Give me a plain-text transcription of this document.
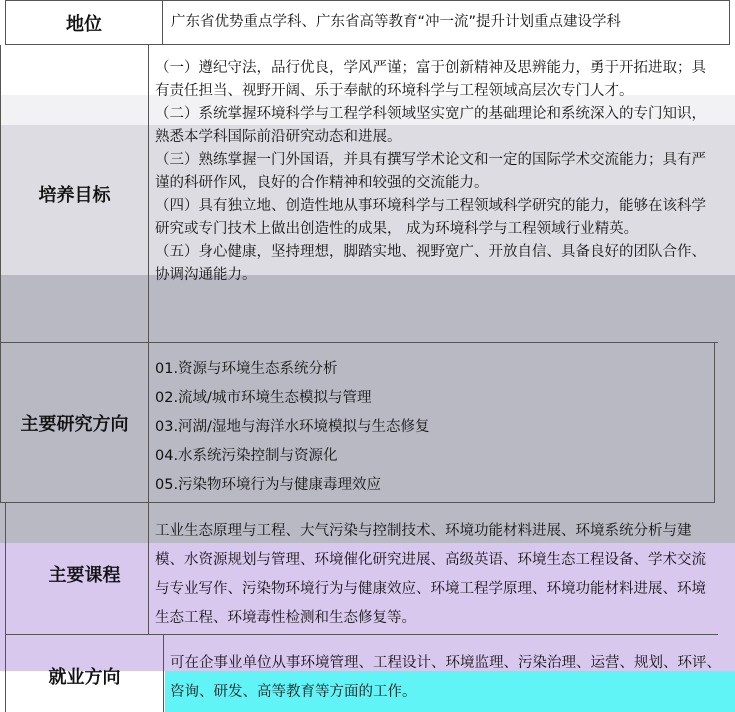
地位	广东省优势重点学科、广东省高等教育“冲一流”提升计划重点建设学科
培养目标

（一）遵纪守法，品行优良，学风严谨；富于创新精神及思辨能力，勇于开拓进取；具有责任担当、视野开阔、乐于奉献的环境科学与工程领域高层次专门人才。

（二）系统掌握环境科学与工程学科领域坚实宽广的基础理论和系统深入的专门知识，熟悉本学科国际前沿研究动态和进展。

（三）熟练掌握一门外国语，并具有撰写学术论文和一定的国际学术交流能力；具有严谨的科研作风，良好的合作精神和较强的交流能力。

（四）具有独立地、创造性地从事环境科学与工程领域科学研究的能力，能够在该科学研究或专门技术上做出创造性的成果， 成为环境科学与工程领域行业精英。

（五）身心健康，坚持理想，脚踏实地、视野宽广、开放自信、具备良好的团队合作、协调沟通能力。

主要研究方向

01.资源与环境生态系统分析

02.流域/城市环境生态模拟与管理

03.河湖/湿地与海洋水环境模拟与生态修复

04.水系统污染控制与资源化

05.污染物环境行为与健康毒理效应

主要课程
工业生态原理与工程、大气污染与控制技术、环境功能材料进展、环境系统分析与建模、水资源规划与管理、环境催化研究进展、高级英语、环境生态工程设备、学术交流与专业写作、污染物环境行为与健康效应、环境工程学原理、环境功能材料进展、环境生态工程、环境毒性检测和生态修复等。
就业方向
可在企事业单位从事环境管理、工程设计、环境监理、污染治理、运营、规划、环评、咨询、研发、高等教育等方面的工作。
